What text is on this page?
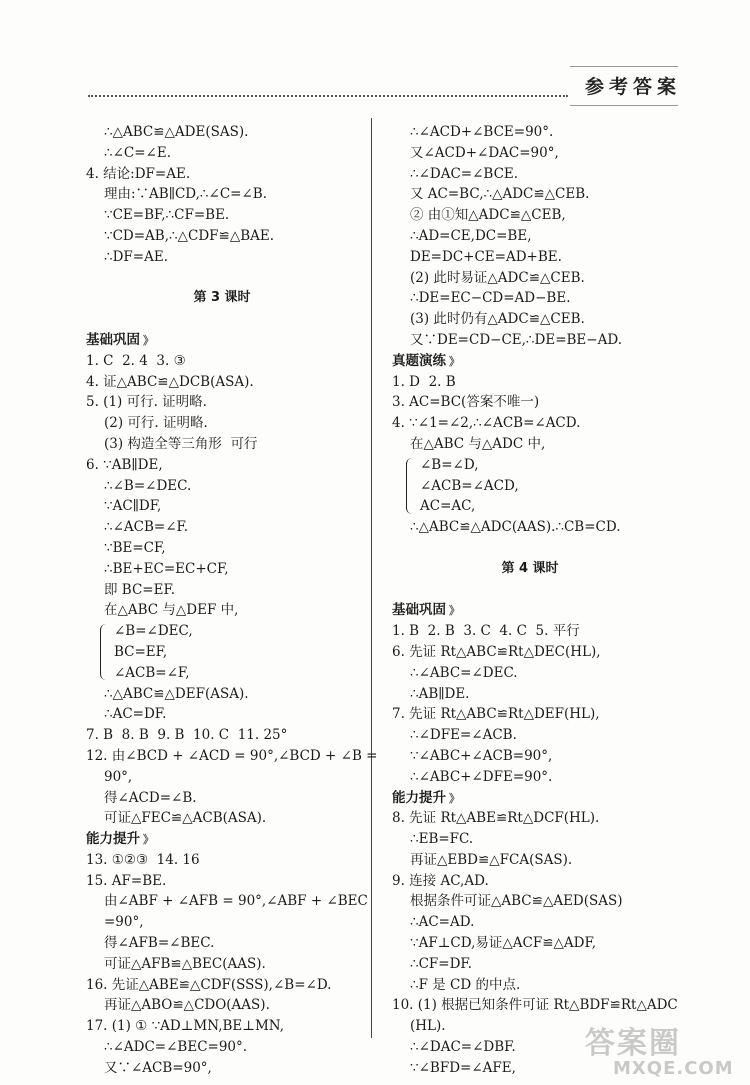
参考答案
∴△ABC≌△ADE(SAS).
∴∠C=∠E.
4. 结论:DF=AE.
理由:∵AB∥CD,∴∠C=∠B.
∵CE=BF,∴CF=BE.
∵CD=AB,∴△CDF≌△BAE.
∴DF=AE.
第 3 课时
基础巩固 》
1. C  2. 4  3. ③
4. 证△ABC≌△DCB(ASA).
5. (1) 可行. 证明略.
(2) 可行. 证明略.
(3) 构造全等三角形  可行
6. ∵AB∥DE,
∴∠B=∠DEC.
∵AC∥DF,
∴∠ACB=∠F.
∵BE=CF,
∴BE+EC=EC+CF,
即 BC=EF.
在△ABC 与△DEF 中,
∠B=∠DEC,
BC=EF,
∠ACB=∠F,
∴△ABC≌△DEF(ASA).
∴AC=DF.
7. B  8. B  9. B  10. C  11. 25°
12. 由∠BCD + ∠ACD = 90°,∠BCD + ∠B =
90°,
得∠ACD=∠B.
可证△FEC≌△ACB(ASA).
能力提升 》
13. ①②③  14. 16
15. AF=BE.
由∠ABF + ∠AFB = 90°,∠ABF + ∠BEC
=90°,
得∠AFB=∠BEC.
可证△AFB≌△BEC(AAS).
16. 先证△ABE≌△CDF(SSS),∠B=∠D.
再证△ABO≌△CDO(AAS).
17. (1) ① ∵AD⊥MN,BE⊥MN,
∴∠ADC=∠BEC=90°.
又∵∠ACB=90°,
∴∠ACD+∠BCE=90°.
又∠ACD+∠DAC=90°,
∴∠DAC=∠BCE.
又 AC=BC,∴△ADC≌△CEB.
② 由①知△ADC≌△CEB,
∴AD=CE,DC=BE,
DE=DC+CE=AD+BE.
(2) 此时易证△ADC≌△CEB.
∴DE=EC−CD=AD−BE.
(3) 此时仍有△ADC≌△CEB.
又∵DE=CD−CE,∴DE=BE−AD.
真题演练 》
1. D  2. B
3. AC=BC(答案不唯一)
4. ∵∠1=∠2,∴∠ACB=∠ACD.
在△ABC 与△ADC 中,
∠B=∠D,
∠ACB=∠ACD,
AC=AC,
∴△ABC≌△ADC(AAS).∴CB=CD.
第 4 课时
基础巩固 》
1. B  2. B  3. C  4. C  5. 平行
6. 先证 Rt△ABC≌Rt△DEC(HL),
∴∠ABC=∠DEC.
∴AB∥DE.
7. 先证 Rt△ABC≌Rt△DEF(HL),
∴∠DFE=∠ACB.
∵∠ABC+∠ACB=90°,
∴∠ABC+∠DFE=90°.
能力提升 》
8. 先证 Rt△ABE≌Rt△DCF(HL).
∴EB=FC.
再证△EBD≌△FCA(SAS).
9. 连接 AC,AD.
根据条件可证△ABC≌△AED(SAS)
∴AC=AD.
∵AF⊥CD,易证△ACF≌△ADF,
∴CF=DF.
∴F 是 CD 的中点.
10. (1) 根据已知条件可证 Rt△BDF≌Rt△ADC
(HL).
∴∠DAC=∠DBF.
∵∠BFD=∠AFE,
答案圈
MXQE.COM
